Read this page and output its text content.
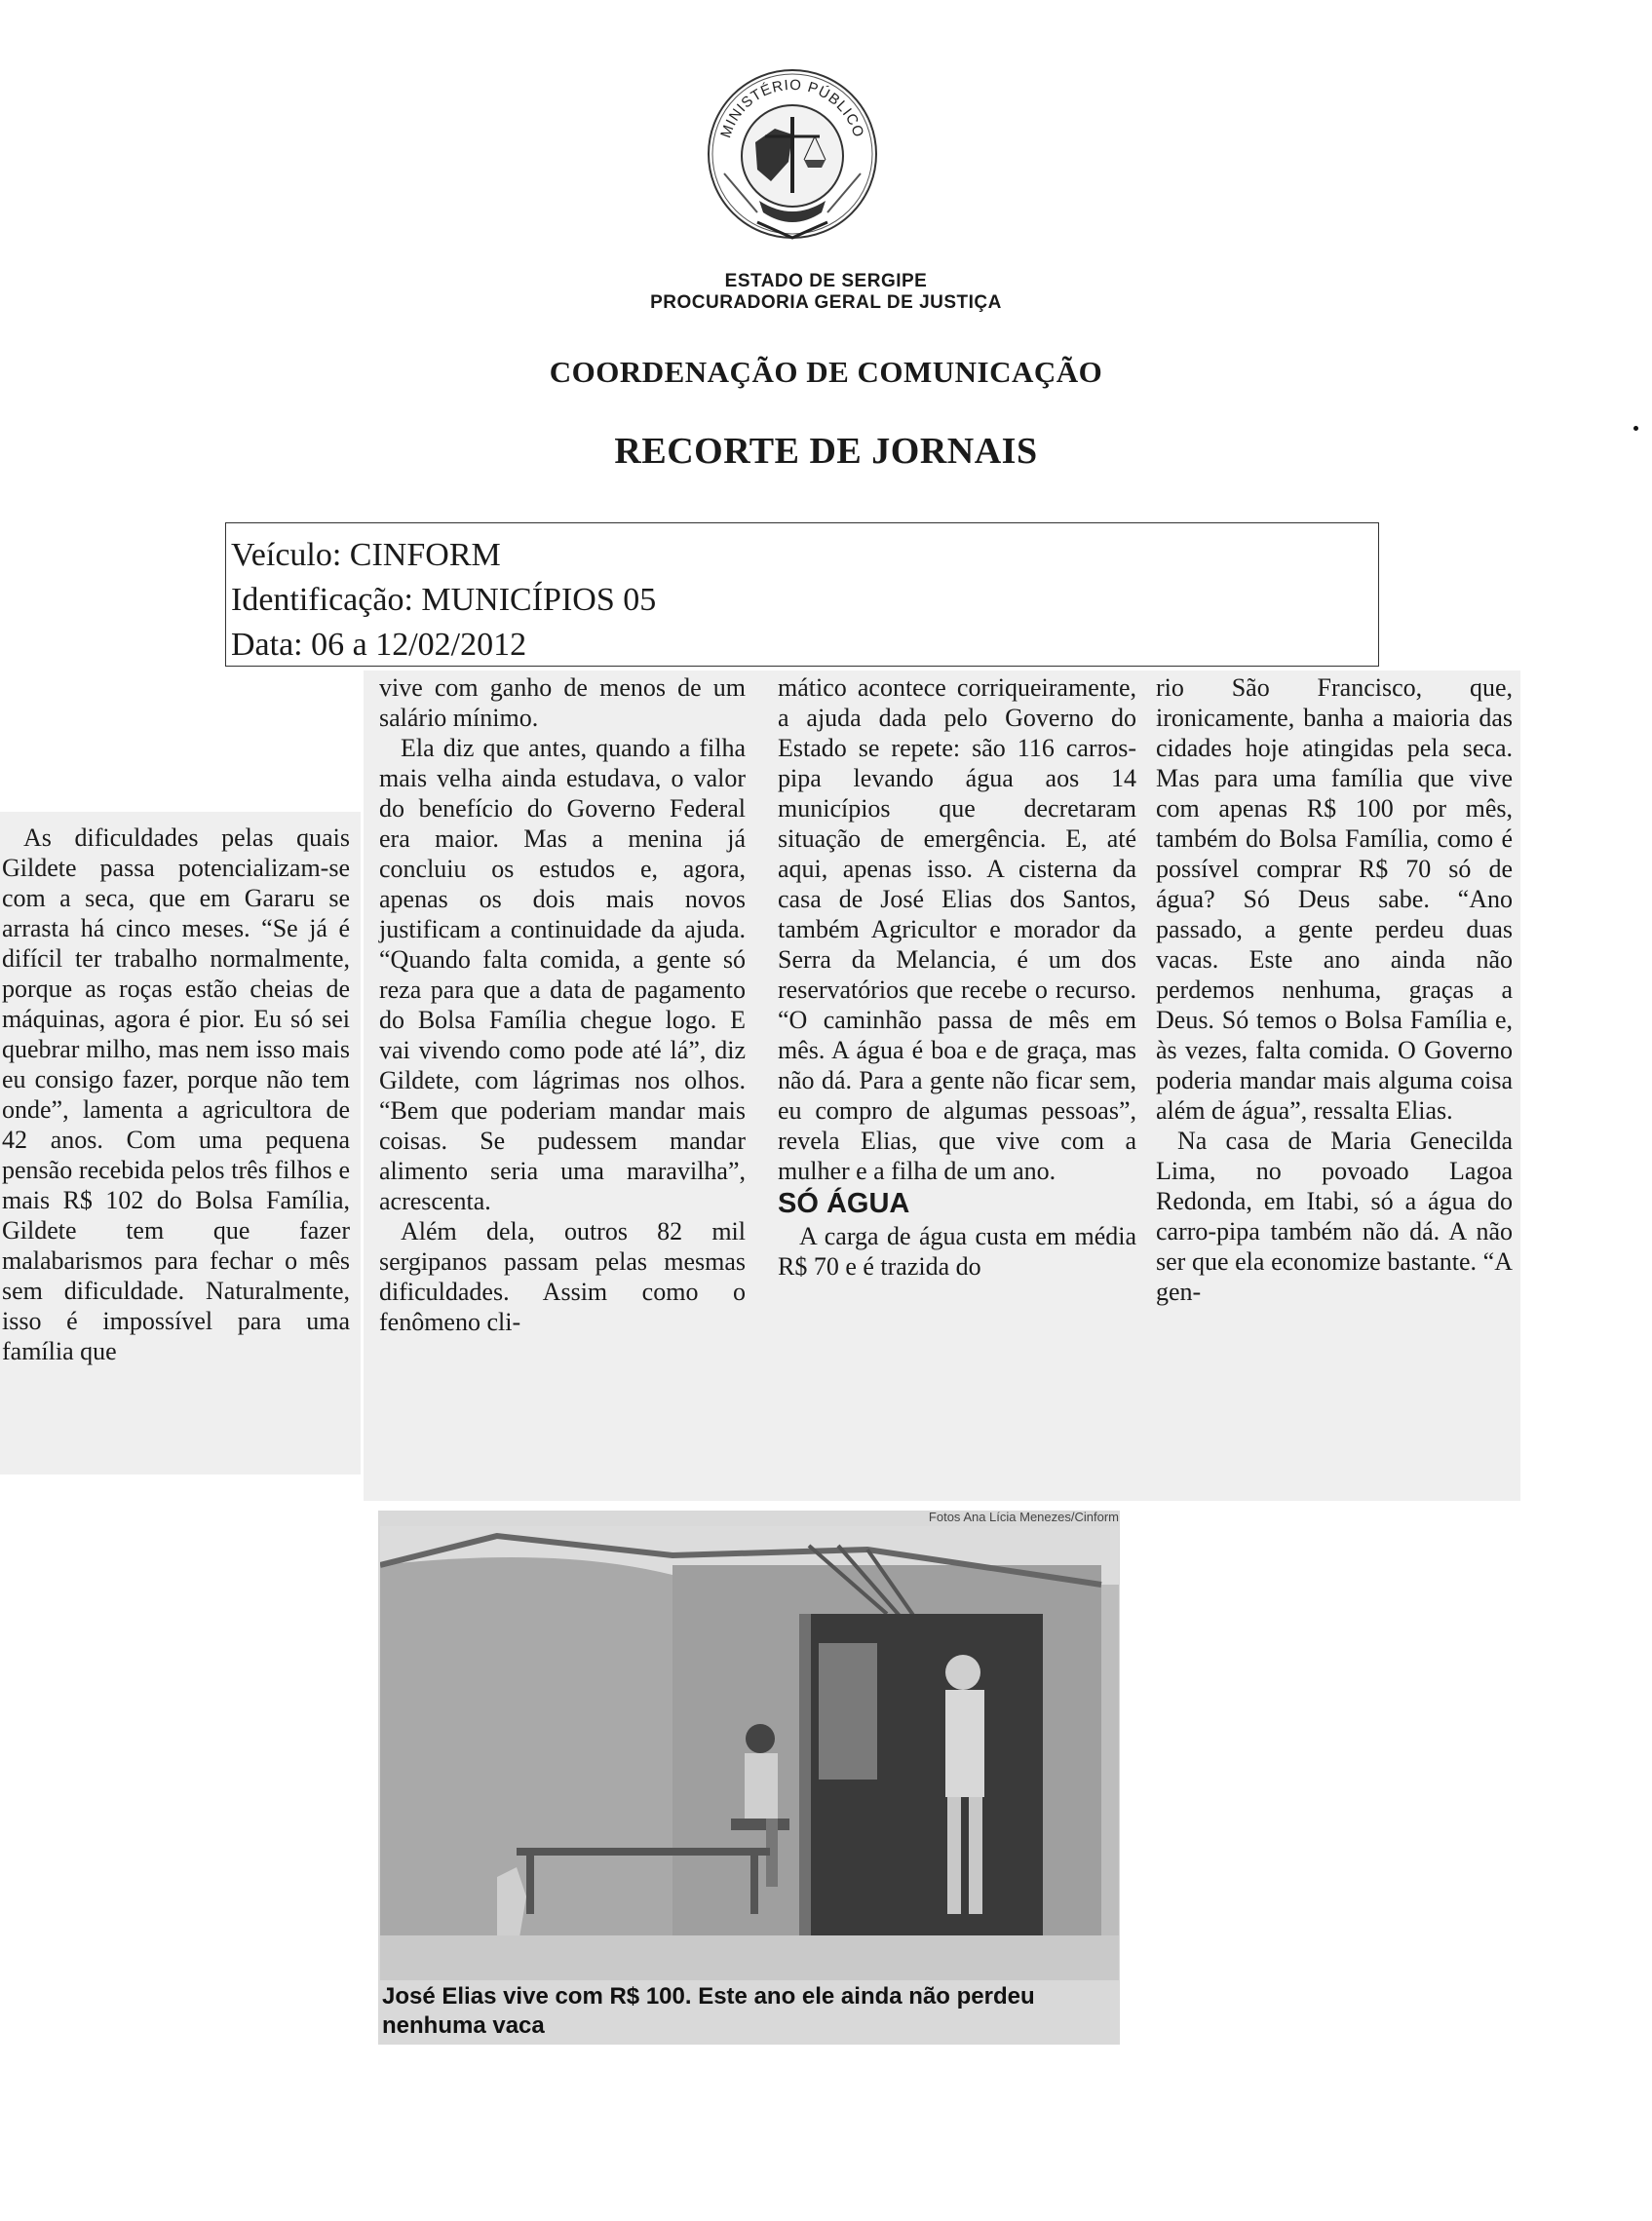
MINISTÉRIO PÚBLICO
ESTADO DE SERGIPE
PROCURADORIA GERAL DE JUSTIÇA
COORDENAÇÃO DE COMUNICAÇÃO
RECORTE DE JORNAIS
Veículo: CINFORM
Identificação: MUNICÍPIOS 05
Data: 06 a 12/02/2012

As dificuldades pelas quais Gildete passa potencializam-se com a seca, que em Gararu se arrasta há cinco meses. “Se já é difícil ter trabalho normalmente, porque as roças estão cheias de máquinas, agora é pior. Eu só sei quebrar milho, mas nem isso mais eu consigo fazer, porque não tem onde”, lamenta a agricultora de 42 anos. Com uma pequena pensão recebida pelos três filhos e mais R$ 102 do Bolsa Família, Gildete tem que fazer malabarismos para fechar o mês sem dificuldade. Naturalmente, isso é impossível para uma família que

vive com ganho de menos de um salário mínimo.

Ela diz que antes, quando a filha mais velha ainda estudava, o valor do benefício do Governo Federal era maior. Mas a menina já concluiu os estudos e, agora, apenas os dois mais novos justificam a continuidade da ajuda. “Quando falta comida, a gente só reza para que a data de pagamento do Bolsa Família chegue logo. E vai vivendo como pode até lá”, diz Gildete, com lágrimas nos olhos. “Bem que poderiam mandar mais coisas. Se pudessem mandar alimento seria uma maravilha”, acrescenta.

Além dela, outros 82 mil sergipanos passam pelas mesmas dificuldades. Assim como o fenômeno cli-

mático acontece corriqueiramente, a ajuda dada pelo Governo do Estado se repete: são 116 carros-pipa levando água aos 14 municípios que decretaram situação de emergência. E, até aqui, apenas isso. A cisterna da casa de José Elias dos Santos, também Agricultor e morador da Serra da Melancia, é um dos reservatórios que recebe o recurso. “O caminhão passa de mês em mês. A água é boa e de graça, mas não dá. Para a gente não ficar sem, eu compro de algumas pessoas”, revela Elias, que vive com a mulher e a filha de um ano.

SÓ ÁGUA

A carga de água custa em média R$ 70 e é trazida do

rio São Francisco, que, ironicamente, banha a maioria das cidades hoje atingidas pela seca. Mas para uma família que vive com apenas R$ 100 por mês, também do Bolsa Família, como é possível comprar R$ 70 só de água? Só Deus sabe. “Ano passado, a gente perdeu duas vacas. Este ano ainda não perdemos nenhuma, graças a Deus. Só temos o Bolsa Família e, às vezes, falta comida. O Governo poderia mandar mais alguma coisa além de água”, ressalta Elias.

Na casa de Maria Genecilda Lima, no povoado Lagoa Redonda, em Itabi, só a água do carro-pipa também não dá. A não ser que ela economize bastante. “A gen-

Fotos Ana Lícia Menezes/Cinform
José Elias vive com R$ 100. Este ano ele ainda não perdeu nenhuma vaca
